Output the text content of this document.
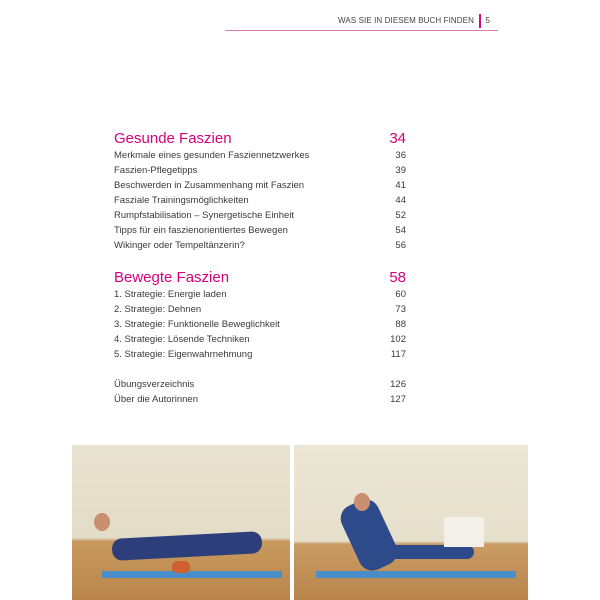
WAS SIE IN DIESEM BUCH FINDEN 5
Gesunde Faszien	34
Merkmale eines gesunden Fasziennetzwerkes	36
Faszien-Pflegetipps	39
Beschwerden in Zusammenhang mit Faszien	41
Fasziale Trainingsmöglichkeiten	44
Rumpfstabilisation – Synergetische Einheit	52
Tipps für ein faszienorientiertes Bewegen	54
Wikinger oder Tempeltänzerin?	56
Bewegte Faszien	58
1. Strategie: Energie laden	60
2. Strategie: Dehnen	73
3. Strategie: Funktionelle Beweglichkeit	88
4. Strategie: Lösende Techniken	102
5. Strategie: Eigenwahrnehmung	117
Übungsverzeichnis	126
Über die Autorinnen	127
